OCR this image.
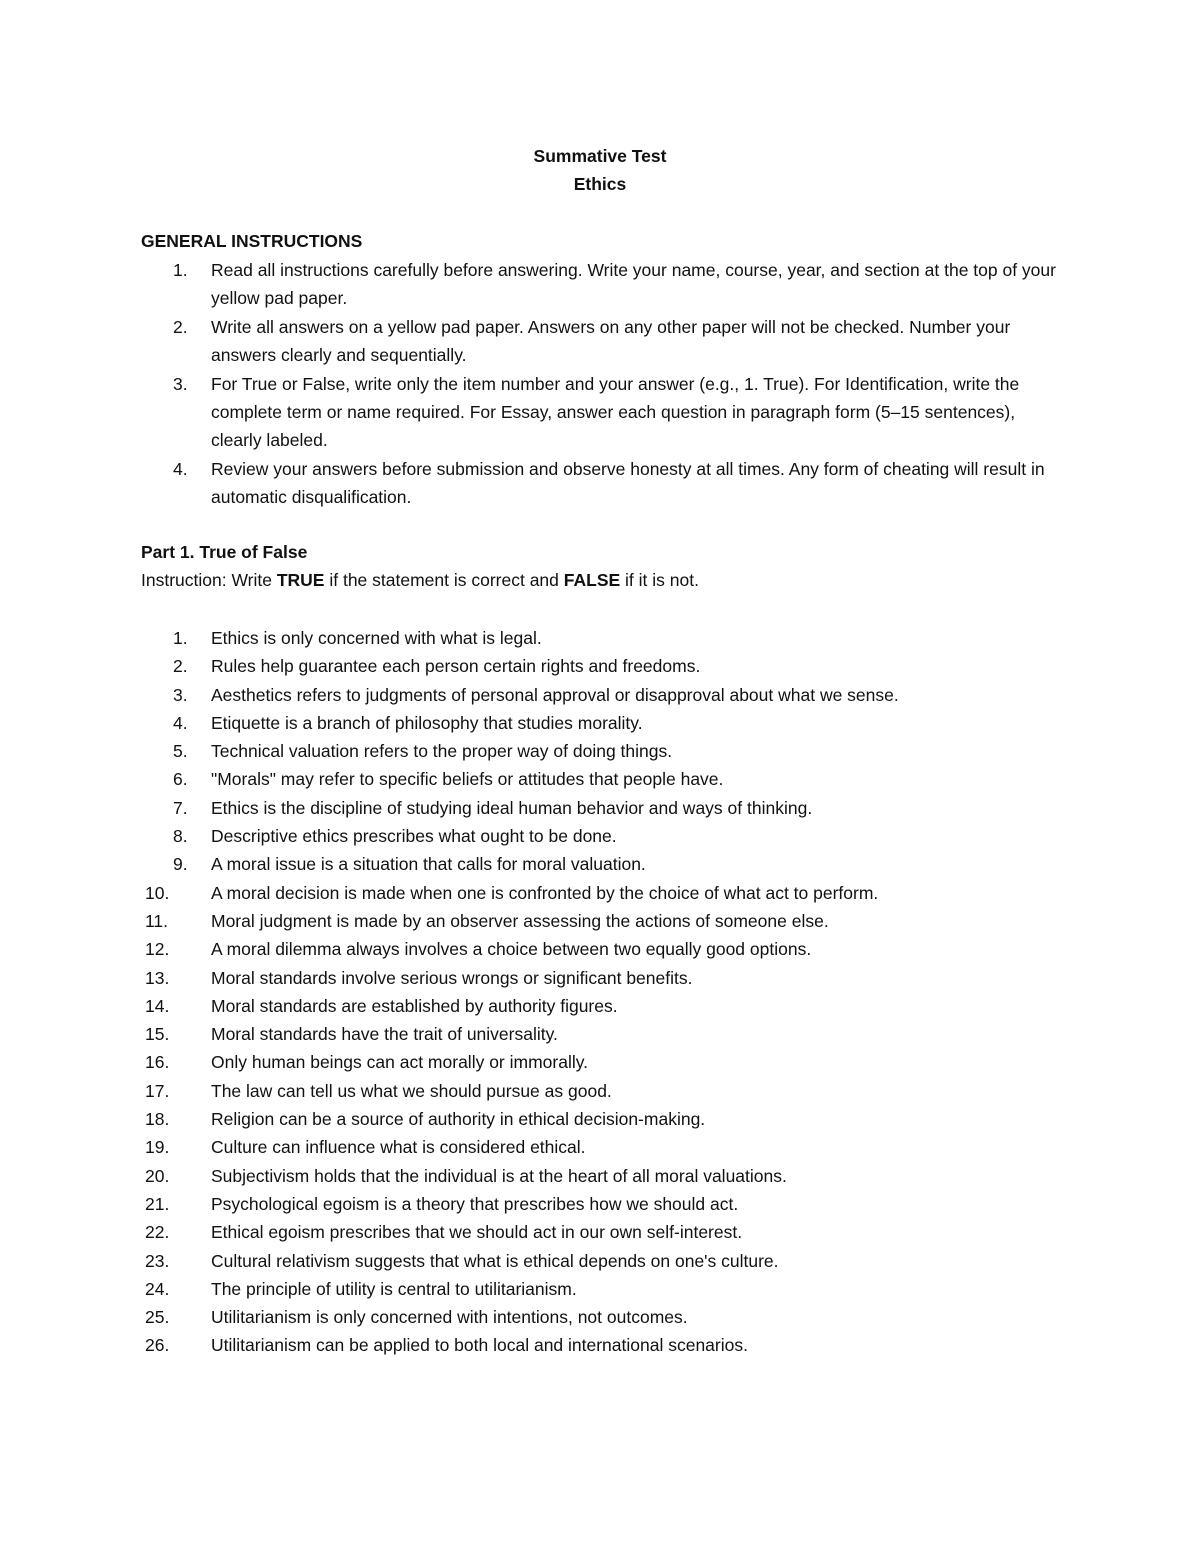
Summative Test
Ethics
GENERAL INSTRUCTIONS
1. Read all instructions carefully before answering. Write your name, course, year, and section at the top of your yellow pad paper.
2. Write all answers on a yellow pad paper. Answers on any other paper will not be checked. Number your answers clearly and sequentially.
3. For True or False, write only the item number and your answer (e.g., 1. True). For Identification, write the complete term or name required. For Essay, answer each question in paragraph form (5–15 sentences), clearly labeled.
4. Review your answers before submission and observe honesty at all times. Any form of cheating will result in automatic disqualification.
Part 1. True of False
Instruction: Write TRUE if the statement is correct and FALSE if it is not.
1. Ethics is only concerned with what is legal.
2. Rules help guarantee each person certain rights and freedoms.
3. Aesthetics refers to judgments of personal approval or disapproval about what we sense.
4. Etiquette is a branch of philosophy that studies morality.
5. Technical valuation refers to the proper way of doing things.
6. "Morals" may refer to specific beliefs or attitudes that people have.
7. Ethics is the discipline of studying ideal human behavior and ways of thinking.
8. Descriptive ethics prescribes what ought to be done.
9. A moral issue is a situation that calls for moral valuation.
10. A moral decision is made when one is confronted by the choice of what act to perform.
11. Moral judgment is made by an observer assessing the actions of someone else.
12. A moral dilemma always involves a choice between two equally good options.
13. Moral standards involve serious wrongs or significant benefits.
14. Moral standards are established by authority figures.
15. Moral standards have the trait of universality.
16. Only human beings can act morally or immorally.
17. The law can tell us what we should pursue as good.
18. Religion can be a source of authority in ethical decision-making.
19. Culture can influence what is considered ethical.
20. Subjectivism holds that the individual is at the heart of all moral valuations.
21. Psychological egoism is a theory that prescribes how we should act.
22. Ethical egoism prescribes that we should act in our own self-interest.
23. Cultural relativism suggests that what is ethical depends on one's culture.
24. The principle of utility is central to utilitarianism.
25. Utilitarianism is only concerned with intentions, not outcomes.
26. Utilitarianism can be applied to both local and international scenarios.
